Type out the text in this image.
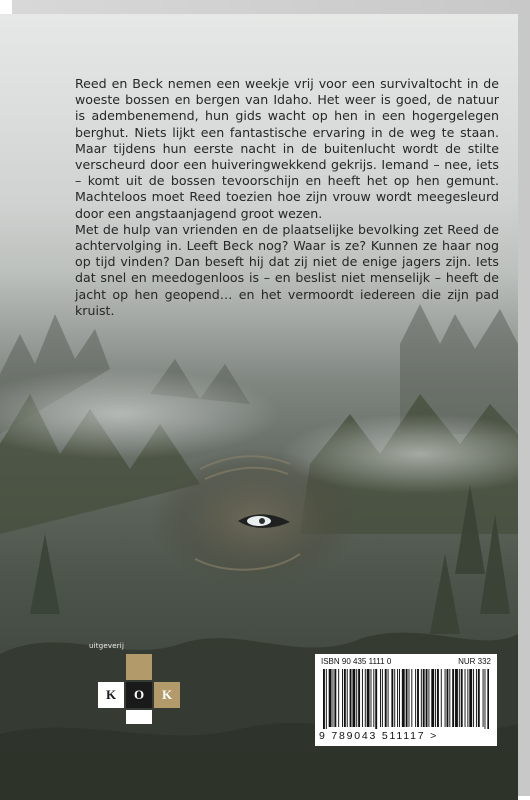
Reed en Beck nemen een weekje vrij voor een survivaltocht in de woeste bossen en bergen van Idaho. Het weer is goed, de natuur is adembenemend, hun gids wacht op hen in een hogergelegen berghut. Niets lijkt een fantastische ervaring in de weg te staan. Maar tijdens hun eerste nacht in de buitenlucht wordt de stilte verscheurd door een huiveringwekkend gekrijs. Iemand – nee, iets – komt uit de bossen tevoorschijn en heeft het op hen gemunt. Machteloos moet Reed toezien hoe zijn vrouw wordt meegesleurd door een angstaanjagend groot wezen.

Met de hulp van vrienden en de plaatselijke bevolking zet Reed de achtervolging in. Leeft Beck nog? Waar is ze? Kunnen ze haar nog op tijd vinden? Dan beseft hij dat zij niet de enige jagers zijn. Iets dat snel en meedogenloos is – en beslist niet menselijk – heeft de jacht op hen geopend… en het vermoordt iedereen die zijn pad kruist.

uitgeverij
K	O	K
ISBN 90 435 1111 0	NUR 332
9 789043 511117 >
